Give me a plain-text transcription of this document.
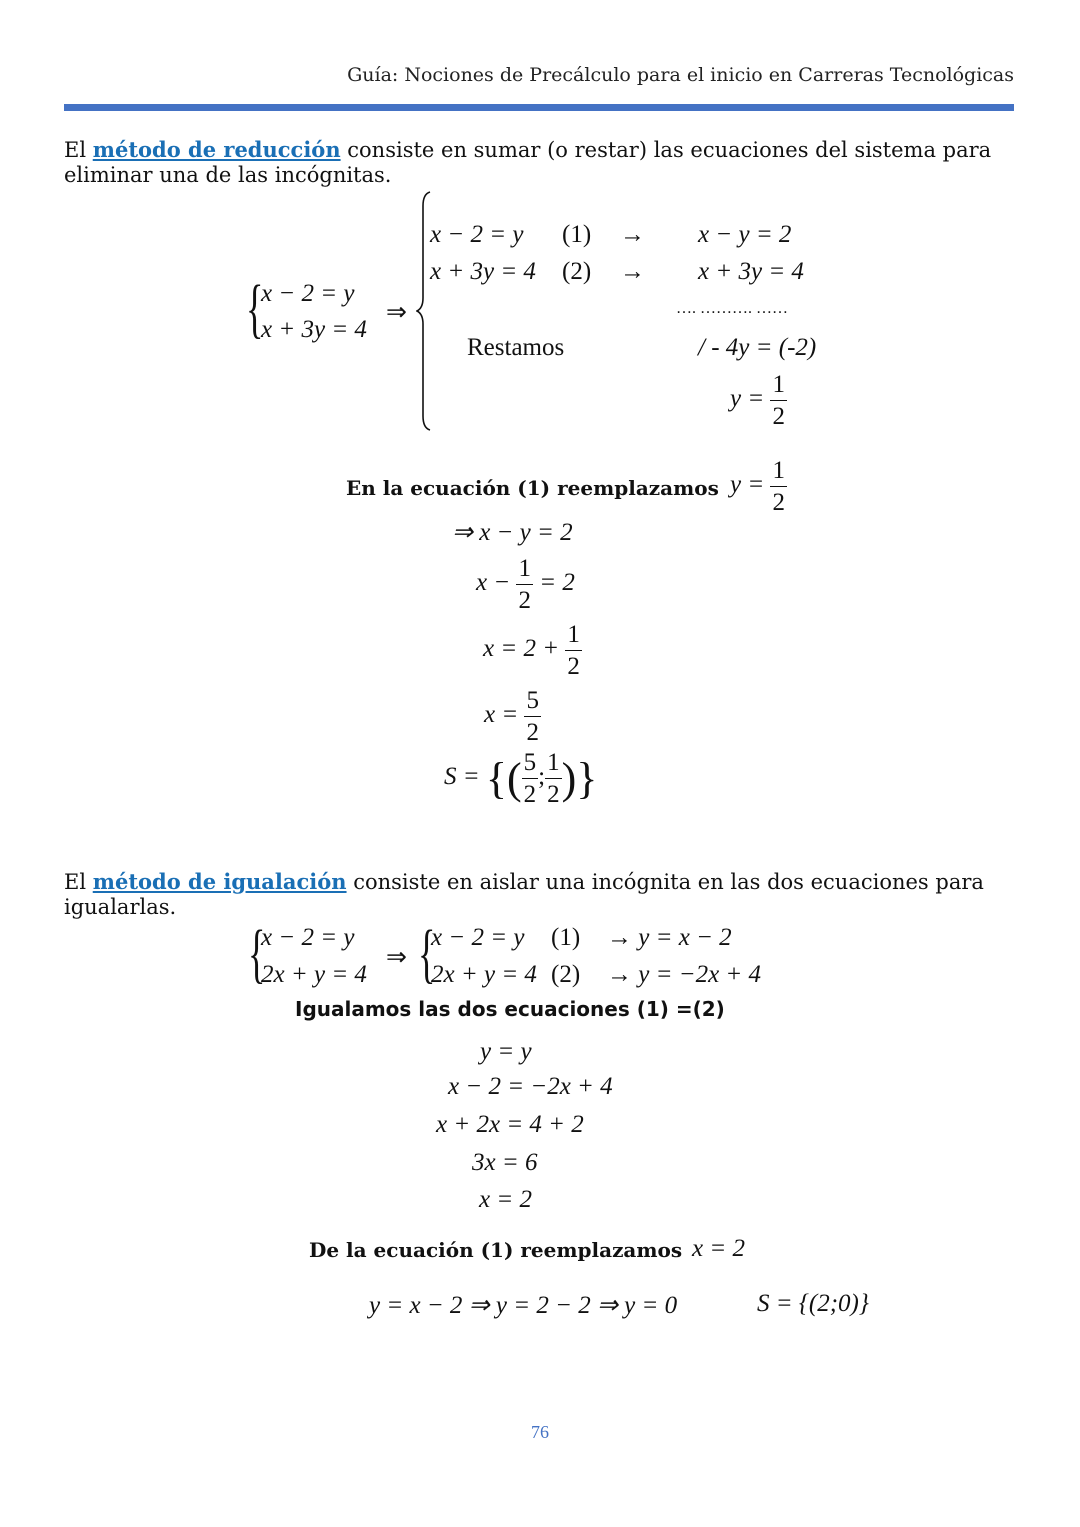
Guía: Nociones de Precálculo para el inicio en Carreras Tecnológicas
El método de reducción consiste en sumar (o restar) las ecuaciones del sistema para
eliminar una de las incógnitas.
{
x − 2 = y
x + 3y = 4
⇒
x − 2 = y (1) → x − y = 2
x + 3y = 4 (2) → x + 3y = 4
…. ………. ……
Restamos	/ - 4y = (-2)
$y = \frac{1}{2}$
En la ecuación (1) reemplazamos $y = \frac{1}{2}$
⇒ x − y = 2
$x - \frac{1}{2} = 2$
$x = 2 + \frac{1}{2}$
$x = \frac{5}{2}$
S = {( $\frac{5}{2}$ ; $\frac{1}{2}$ )}
El método de igualación consiste en aislar una incógnita en las dos ecuaciones para
igualarlas.
{
x − 2 = y
2x + y = 4
⇒ {
x − 2 = y (1) → y = x − 2
2x + y = 4 (2) → y = −2x + 4
Igualamos las dos ecuaciones (1) =(2)
y = y
x − 2 = −2x + 4
x + 2x = 4 + 2
3x = 6
x = 2
De la ecuación (1) reemplazamos x = 2
y = x − 2 ⇒ y = 2 − 2 ⇒ y = 0	S = {(2;0)}
76
